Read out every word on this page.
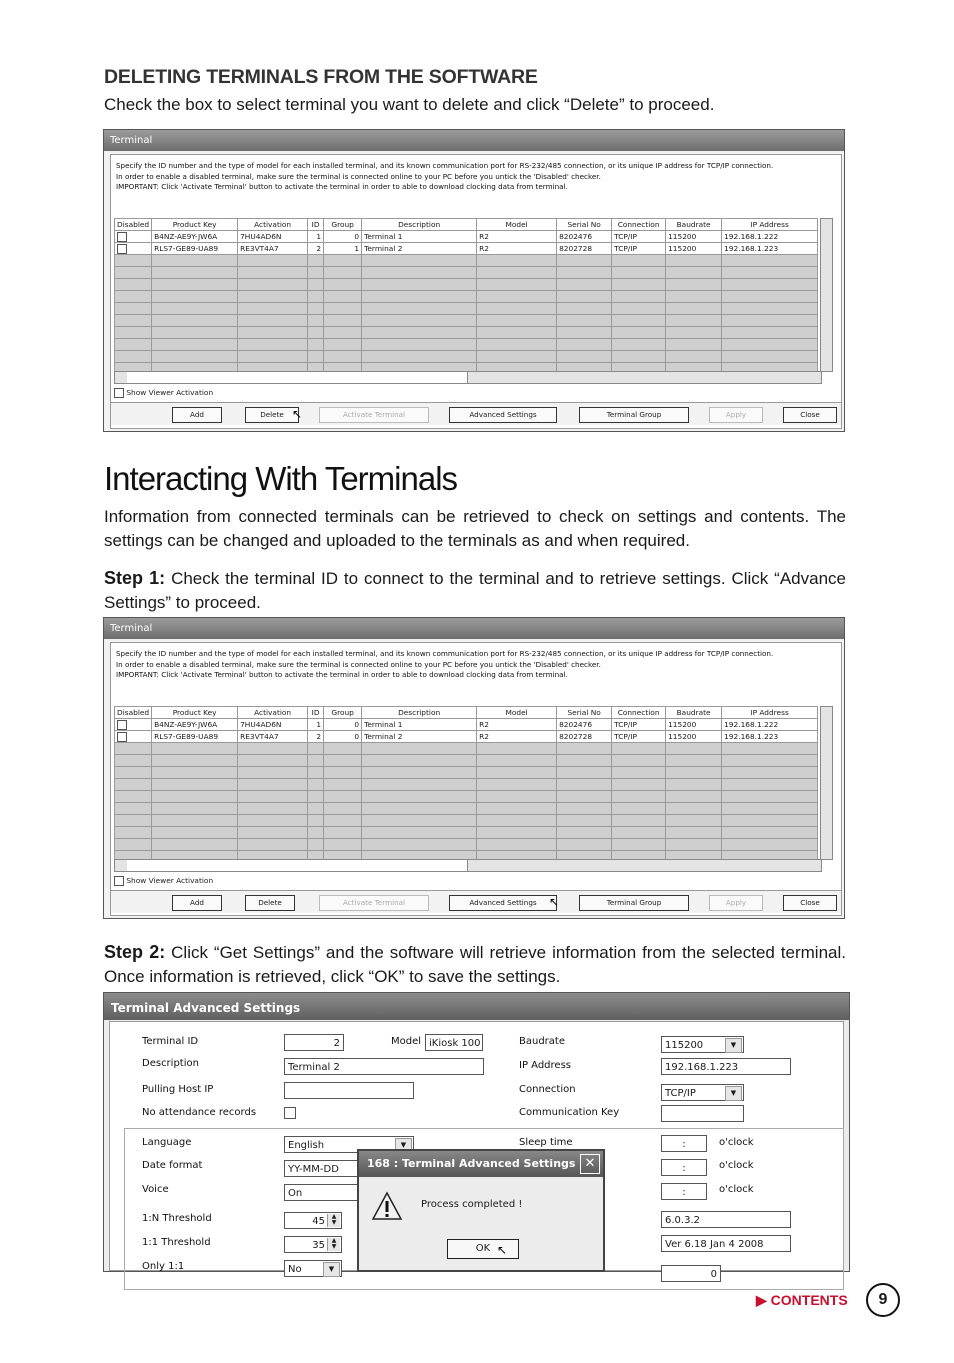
DELETING TERMINALS FROM THE SOFTWARE

Check the box to select terminal you want to delete and click “Delete” to proceed.

Terminal
Specify the ID number and the type of model for each installed terminal, and its known communication port for RS-232/485 connection, or its unique IP address for TCP/IP connection.
In order to enable a disabled terminal, make sure the terminal is connected online to your PC before you untick the 'Disabled' checker.
IMPORTANT: Click 'Activate Terminal' button to activate the terminal in order to able to download clocking data from terminal.
Disabled	Product Key	Activation	ID	Group	Description	Model	Serial No	Connection	Baudrate	IP Address
	B4NZ-AE9Y-JW6A	7HU4AD6N	1	0	Terminal 1	R2	8202476	TCP/IP	115200	192.168.1.222
	RLS7-GE89-UA89	RE3VT4A7	2	1	Terminal 2	R2	8202728	TCP/IP	115200	192.168.1.223

Show Viewer Activation
Add	Delete	Activate Terminal	Advanced Settings	Terminal Group	Apply	Close
↖
Interacting With Terminals

Information from connected terminals can be retrieved to check on settings and contents. The settings can be changed and uploaded to the terminals as and when required.

Step 1: Check the terminal ID to connect to the terminal and to retrieve settings. Click “Advance Settings” to proceed.

Terminal
Specify the ID number and the type of model for each installed terminal, and its known communication port for RS-232/485 connection, or its unique IP address for TCP/IP connection.
In order to enable a disabled terminal, make sure the terminal is connected online to your PC before you untick the 'Disabled' checker.
IMPORTANT: Click 'Activate Terminal' button to activate the terminal in order to able to download clocking data from terminal.
Disabled	Product Key	Activation	ID	Group	Description	Model	Serial No	Connection	Baudrate	IP Address
	B4NZ-AE9Y-JW6A	7HU4AD6N	1	0	Terminal 1	R2	8202476	TCP/IP	115200	192.168.1.222
	RLS7-GE89-UA89	RE3VT4A7	2	0	Terminal 2	R2	8202728	TCP/IP	115200	192.168.1.223

Show Viewer Activation
Add	Delete	Activate Terminal	Advanced Settings	Terminal Group	Apply	Close
↖

Step 2: Click “Get Settings” and the software will retrieve information from the selected terminal. Once information is retrieved, click “OK” to save the settings.

Terminal Advanced Settings
Terminal ID	2	Model iKiosk 100
Description	Terminal 2
Pulling Host IP
No attendance records
Baudrate	115200	▼
IP Address	192.168.1.223
Connection	TCP/IP	▼
Communication Key
Language	English	▼
Date format	YY-MM-DD
Voice	On
1:N Threshold	45	▲
▼
1:1 Threshold	35	▲
▼
Only 1:1	No	▼
Sleep time	:	o'clock
:	o'clock
:	o'clock
6.0.3.2
Ver 6.18 Jan 4 2008
0
168 : Terminal Advanced Settings ✕
Process completed !
OK ↖
▶ CONTENTS	9
